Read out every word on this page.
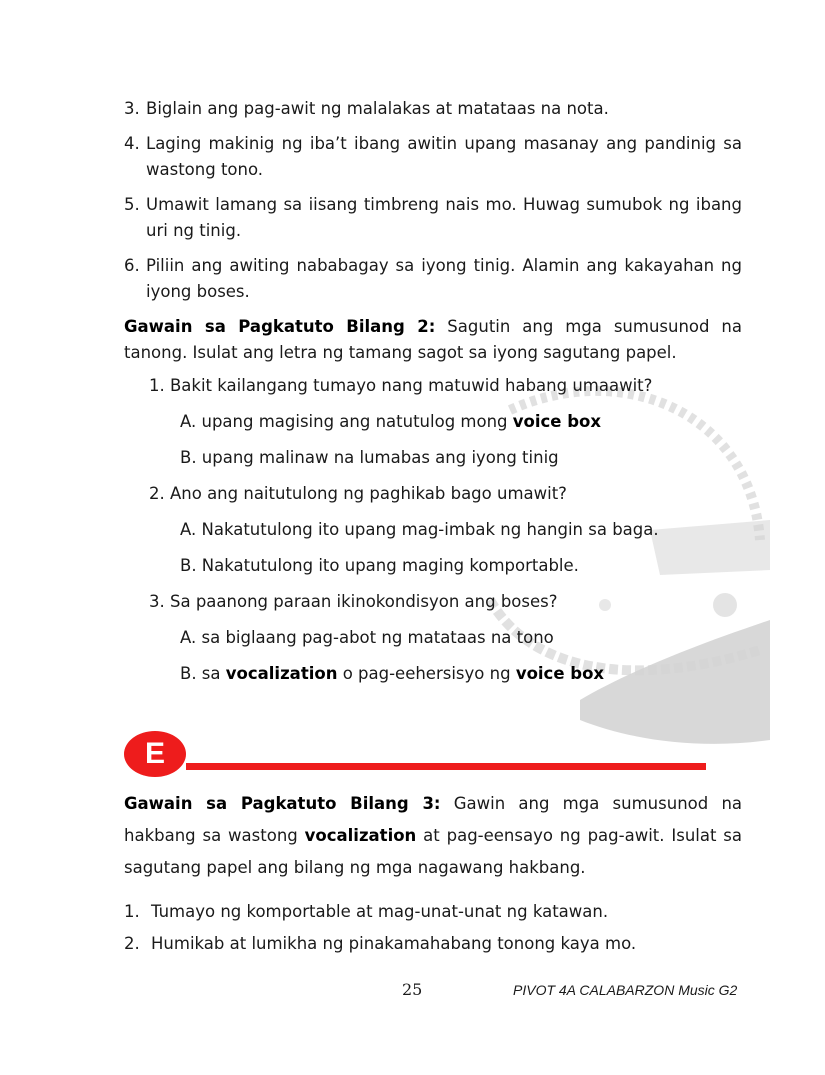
3. Biglain ang pag-awit ng malalakas at matataas na nota.
4. Laging makinig ng iba’t ibang awitin upang masanay ang pandinig sa wastong tono.
5. Umawit lamang sa iisang timbreng nais mo. Huwag sumubok ng ibang uri ng tinig.
6. Piliin ang awiting nababagay sa iyong tinig. Alamin ang kakayahan ng iyong boses.

Gawain sa Pagkatuto Bilang 2: Sagutin ang mga sumusunod na tanong. Isulat ang letra ng tamang sagot sa iyong sagutang papel.

1. Bakit kailangang tumayo nang matuwid habang umaawit?

A. upang magising ang natutulog mong voice box

B. upang malinaw na lumabas ang iyong tinig

2. Ano ang naitutulong ng paghikab bago umawit?

A. Nakatutulong ito upang mag-imbak ng hangin sa baga.

B. Nakatutulong ito upang maging komportable.

3. Sa paanong paraan ikinokondisyon ang boses?

A. sa biglaang pag-abot ng matataas na tono

B. sa vocalization o pag-eehersisyo ng voice box

E

Gawain sa Pagkatuto Bilang 3: Gawin ang mga sumusunod na hakbang sa wastong vocalization at pag-eensayo ng pag-awit. Isulat sa sagutang papel ang bilang ng mga nagawang hakbang.

1. Tumayo ng komportable at mag-unat-unat ng katawan.
2. Humikab at lumikha ng pinakamahabang tonong kaya mo.
25	PIVOT 4A CALABARZON Music G2
